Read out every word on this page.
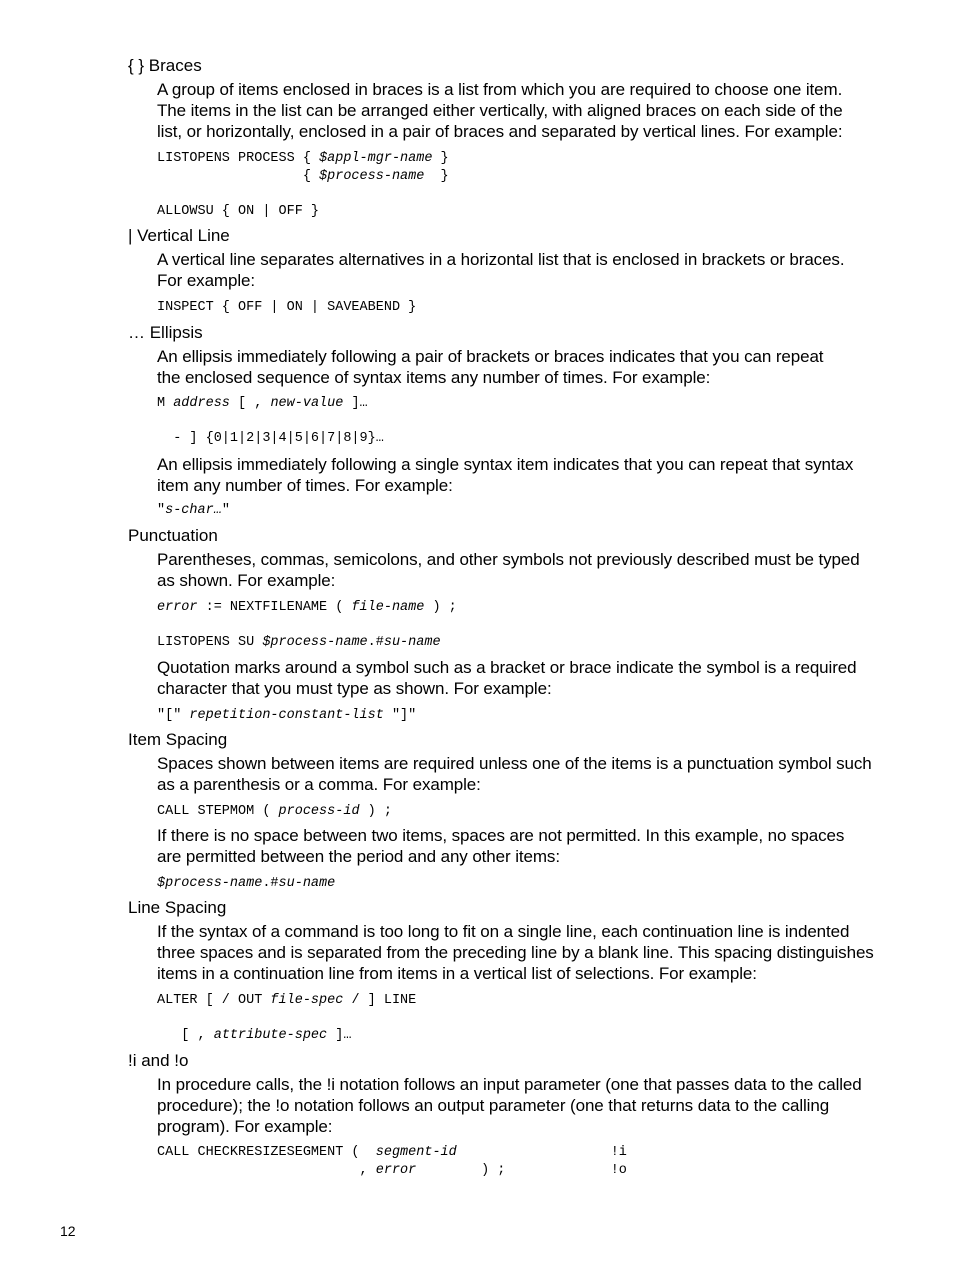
{ } Braces
A group of items enclosed in braces is a list from which you are required to choose one item.
The items in the list can be arranged either vertically, with aligned braces on each side of the
list, or horizontally, enclosed in a pair of braces and separated by vertical lines. For example:
LISTOPENS PROCESS { $appl-mgr-name }
{ $process-name  }
ALLOWSU { ON | OFF }
| Vertical Line
A vertical line separates alternatives in a horizontal list that is enclosed in brackets or braces.
For example:
INSPECT { OFF | ON | SAVEABEND }
… Ellipsis
An ellipsis immediately following a pair of brackets or braces indicates that you can repeat
the enclosed sequence of syntax items any number of times. For example:
M address [ , new-value ]…
- ] {0|1|2|3|4|5|6|7|8|9}…
An ellipsis immediately following a single syntax item indicates that you can repeat that syntax
item any number of times. For example:
"s-char…"
Punctuation
Parentheses, commas, semicolons, and other symbols not previously described must be typed
as shown. For example:
error := NEXTFILENAME ( file-name ) ;
LISTOPENS SU $process-name.#su-name
Quotation marks around a symbol such as a bracket or brace indicate the symbol is a required
character that you must type as shown. For example:
"[" repetition-constant-list "]"
Item Spacing
Spaces shown between items are required unless one of the items is a punctuation symbol such
as a parenthesis or a comma. For example:
CALL STEPMOM ( process-id ) ;
If there is no space between two items, spaces are not permitted. In this example, no spaces
are permitted between the period and any other items:
$process-name.#su-name
Line Spacing
If the syntax of a command is too long to fit on a single line, each continuation line is indented
three spaces and is separated from the preceding line by a blank line. This spacing distinguishes
items in a continuation line from items in a vertical list of selections. For example:
ALTER [ / OUT file-spec / ] LINE
[ , attribute-spec ]…
!i and !o
In procedure calls, the !i notation follows an input parameter (one that passes data to the called
procedure); the !o notation follows an output parameter (one that returns data to the calling
program). For example:
CALL CHECKRESIZESEGMENT (  segment-id                   !i
, error        ) ;             !o
12
